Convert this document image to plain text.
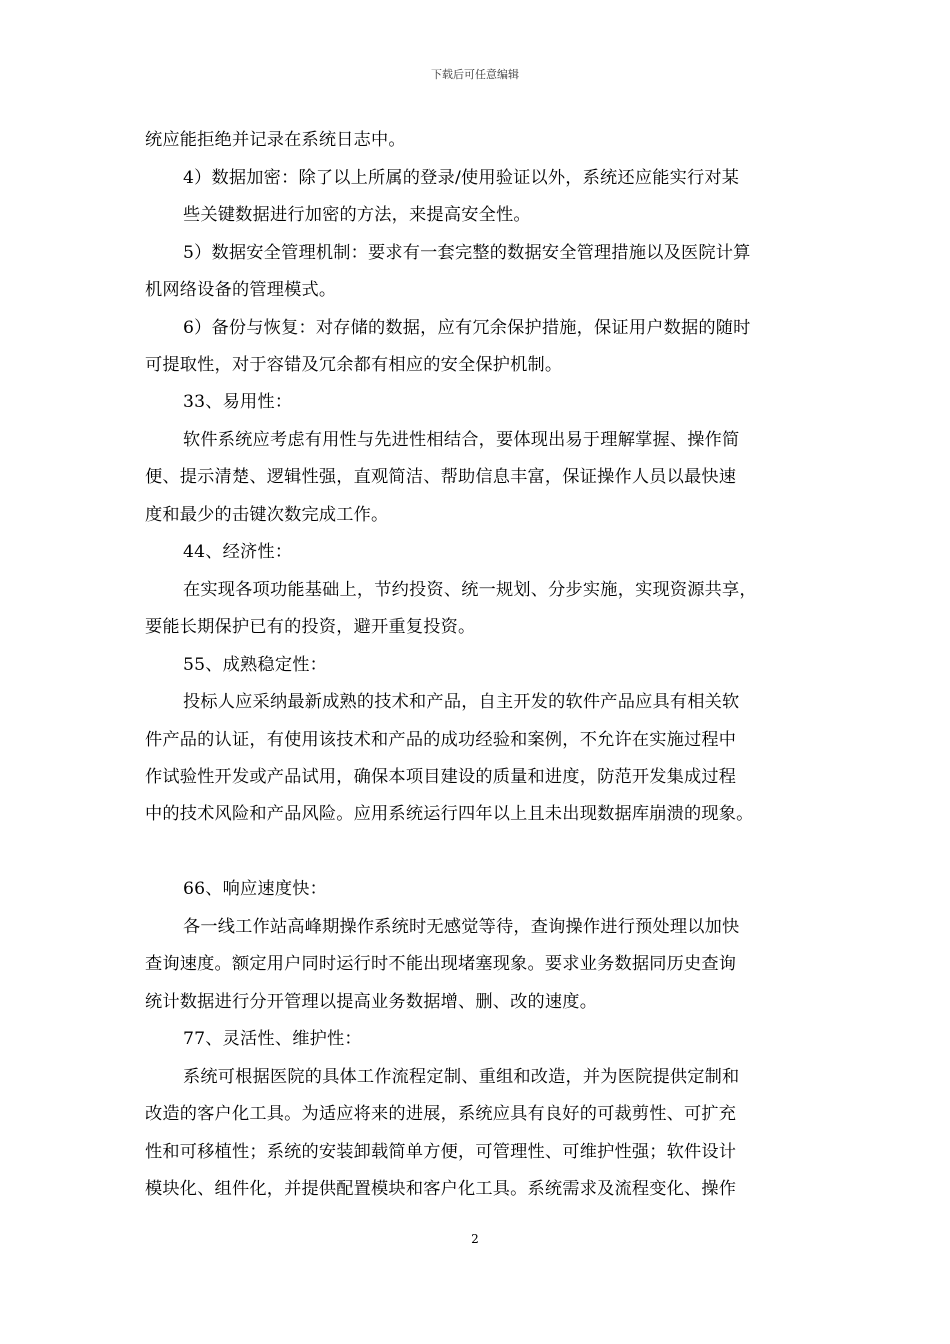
下载后可任意编辑
统应能拒绝并记录在系统日志中。
4）数据加密：除了以上所属的登录/使用验证以外，系统还应能实行对某
些关键数据进行加密的方法，来提高安全性。
5）数据安全管理机制：要求有一套完整的数据安全管理措施以及医院计算
机网络设备的管理模式。
6）备份与恢复：对存储的数据，应有冗余保护措施，保证用户数据的随时
可提取性，对于容错及冗余都有相应的安全保护机制。
33、易用性：
软件系统应考虑有用性与先进性相结合，要体现出易于理解掌握、操作简
便、提示清楚、逻辑性强，直观简洁、帮助信息丰富，保证操作人员以最快速
度和最少的击键次数完成工作。
44、经济性：
在实现各项功能基础上，节约投资、统一规划、分步实施，实现资源共享，
要能长期保护已有的投资，避开重复投资。
55、成熟稳定性：
投标人应采纳最新成熟的技术和产品，自主开发的软件产品应具有相关软
件产品的认证，有使用该技术和产品的成功经验和案例，不允许在实施过程中
作试验性开发或产品试用，确保本项目建设的质量和进度，防范开发集成过程
中的技术风险和产品风险。应用系统运行四年以上且未出现数据库崩溃的现象。
66、响应速度快：
各一线工作站高峰期操作系统时无感觉等待，查询操作进行预处理以加快
查询速度。额定用户同时运行时不能出现堵塞现象。要求业务数据同历史查询
统计数据进行分开管理以提高业务数据增、删、改的速度。
77、灵活性、维护性：
系统可根据医院的具体工作流程定制、重组和改造，并为医院提供定制和
改造的客户化工具。为适应将来的进展，系统应具有良好的可裁剪性、可扩充
性和可移植性；系统的安装卸载简单方便，可管理性、可维护性强；软件设计
模块化、组件化，并提供配置模块和客户化工具。系统需求及流程变化、操作
2
